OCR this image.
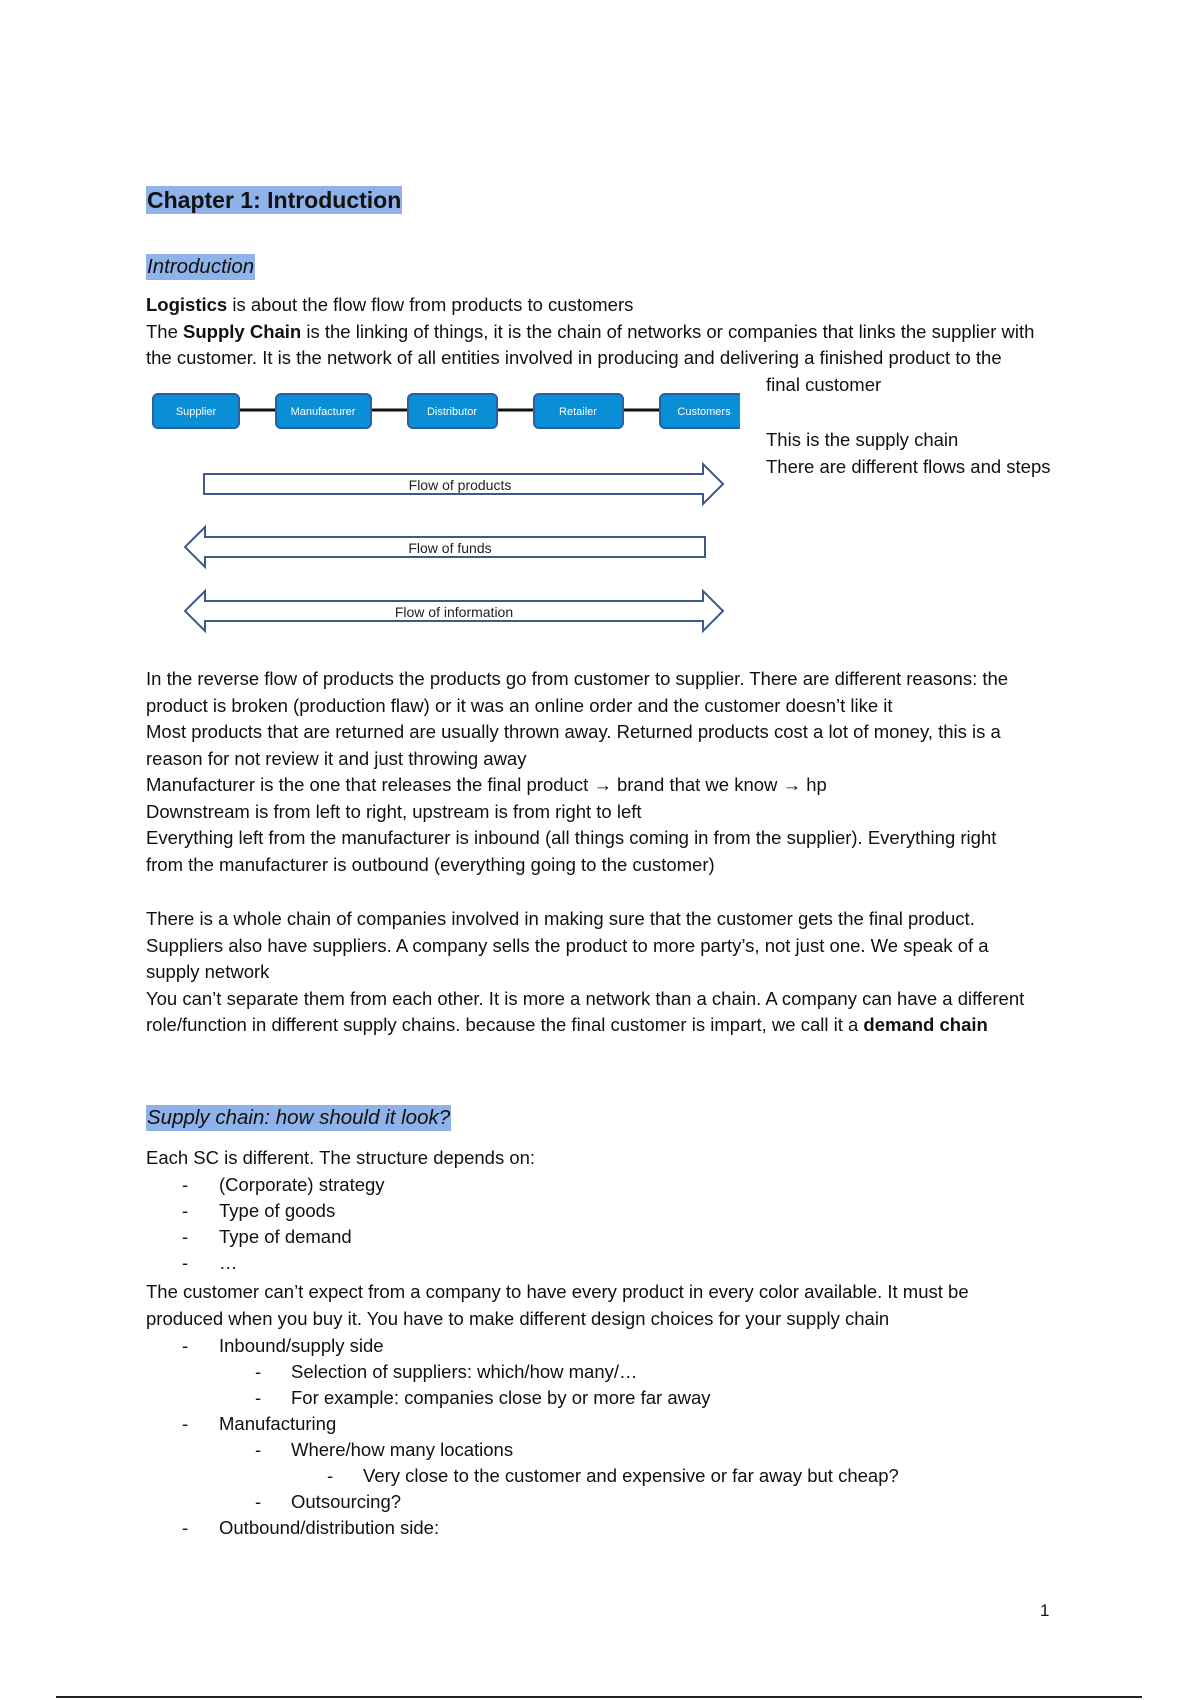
Chapter 1: Introduction
Introduction
Logistics is about the flow flow from products to customers
The Supply Chain is the linking of things, it is the chain of networks or companies that links the supplier with
the customer. It is the network of all entities involved in producing and delivering a finished product to the
final customer
Supplier	Manufacturer	Distributor	Retailer	Customers
Flow of products
Flow of funds
Flow of information

This is the supply chain

There are different flows and steps

In the reverse flow of products the products go from customer to supplier. There are different reasons: the
product is broken (production flaw) or it was an online order and the customer doesn’t like it
Most products that are returned are usually thrown away. Returned products cost a lot of money, this is a
reason for not review it and just throwing away
Manufacturer is the one that releases the final product → brand that we know → hp
Downstream is from left to right, upstream is from right to left
Everything left from the manufacturer is inbound (all things coming in from the supplier). Everything right
from the manufacturer is outbound (everything going to the customer)
There is a whole chain of companies involved in making sure that the customer gets the final product.
Suppliers also have suppliers. A company sells the product to more party’s, not just one. We speak of a
supply network
You can’t separate them from each other. It is more a network than a chain. A company can have a different
role/function in different supply chains. because the final customer is impart, we call it a demand chain
Supply chain: how should it look?

Each SC is different. The structure depends on:

- (Corporate) strategy
- Type of goods
- Type of demand
- …
The customer can’t expect from a company to have every product in every color available. It must be
produced when you buy it. You have to make different design choices for your supply chain
- Inbound/supply side
- Selection of suppliers: which/how many/…
- For example: companies close by or more far away
- Manufacturing
- Where/how many locations
- Very close to the customer and expensive or far away but cheap?
- Outsourcing?
- Outbound/distribution side:
1
